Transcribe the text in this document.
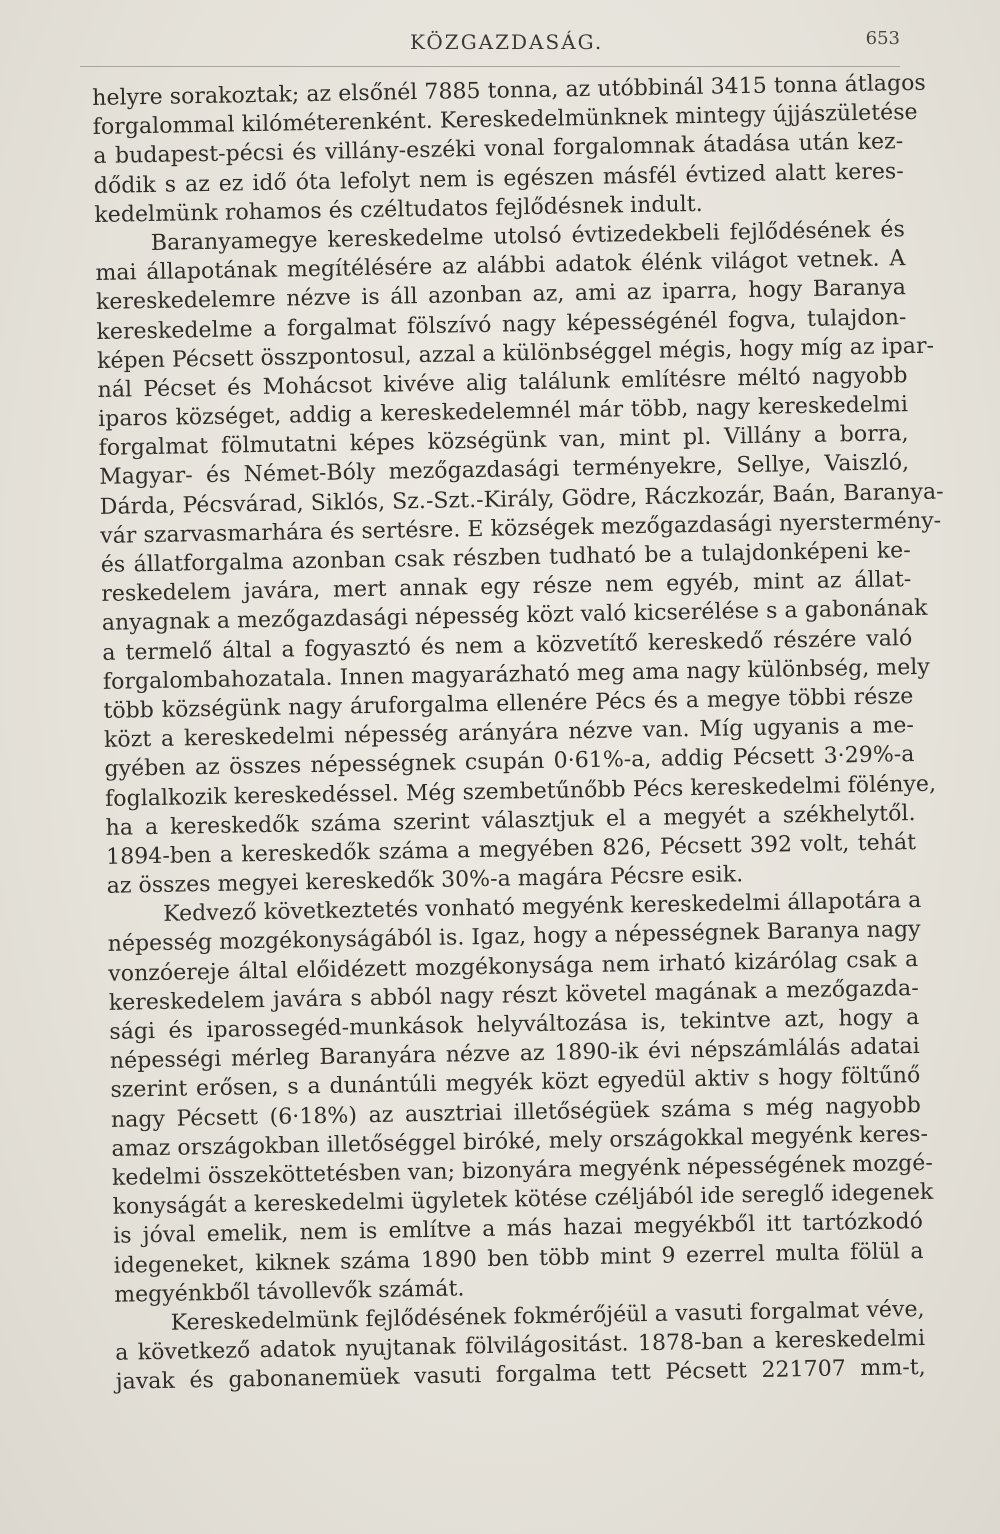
KÖZGAZDASÁG.	653
helyre sorakoztak; az elsőnél 7885 tonna, az utóbbinál 3415 tonna átlagos
forgalommal kilóméterenként. Kereskedelmünknek mintegy újjászületése
a budapest-pécsi és villány-eszéki vonal forgalomnak átadása után kez-
dődik s az ez idő óta lefolyt nem is egészen másfél évtized alatt keres-
kedelmünk rohamos és czéltudatos fejlődésnek indult.
Baranyamegye kereskedelme utolsó évtizedekbeli fejlődésének és
mai állapotának megítélésére az alábbi adatok élénk világot vetnek. A
kereskedelemre nézve is áll azonban az, ami az iparra, hogy Baranya
kereskedelme a forgalmat fölszívó nagy képességénél fogva, tulajdon-
képen Pécsett összpontosul, azzal a különbséggel mégis, hogy míg az ipar-
nál Pécset és Mohácsot kivéve alig találunk említésre méltó nagyobb
iparos községet, addig a kereskedelemnél már több, nagy kereskedelmi
forgalmat fölmutatni képes községünk van, mint pl. Villány a borra,
Magyar- és Német-Bóly mezőgazdasági terményekre, Sellye, Vaiszló,
Dárda, Pécsvárad, Siklós, Sz.-Szt.-Király, Gödre, Ráczkozár, Baán, Baranya-
vár szarvasmarhára és sertésre. E községek mezőgazdasági nyerstermény-
és állatforgalma azonban csak részben tudható be a tulajdonképeni ke-
reskedelem javára, mert annak egy része nem egyéb, mint az állat-
anyagnak a mezőgazdasági népesség közt való kicserélése s a gabonának
a termelő által a fogyasztó és nem a közvetítő kereskedő részére való
forgalombahozatala. Innen magyarázható meg ama nagy különbség, mely
több községünk nagy áruforgalma ellenére Pécs és a megye többi része
közt a kereskedelmi népesség arányára nézve van. Míg ugyanis a me-
gyében az összes népességnek csupán 0·61%-a, addig Pécsett 3·29%-a
foglalkozik kereskedéssel. Még szembetűnőbb Pécs kereskedelmi fölénye,
ha a kereskedők száma szerint választjuk el a megyét a székhelytől.
1894-ben a kereskedők száma a megyében 826, Pécsett 392 volt, tehát
az összes megyei kereskedők 30%-a magára Pécsre esik.
Kedvező következtetés vonható megyénk kereskedelmi állapotára a
népesség mozgékonyságából is. Igaz, hogy a népességnek Baranya nagy
vonzóereje által előidézett mozgékonysága nem irható kizárólag csak a
kereskedelem javára s abból nagy részt követel magának a mezőgazda-
sági és iparossegéd-munkások helyváltozása is, tekintve azt, hogy a
népességi mérleg Baranyára nézve az 1890-ik évi népszámlálás adatai
szerint erősen, s a dunántúli megyék közt egyedül aktiv s hogy föltűnő
nagy Pécsett (6·18%) az ausztriai illetőségüek száma s még nagyobb
amaz országokban illetőséggel biróké, mely országokkal megyénk keres-
kedelmi összeköttetésben van; bizonyára megyénk népességének mozgé-
konyságát a kereskedelmi ügyletek kötése czéljából ide sereglő idegenek
is jóval emelik, nem is említve a más hazai megyékből itt tartózkodó
idegeneket, kiknek száma 1890 ben több mint 9 ezerrel multa fölül a
megyénkből távollevők számát.
Kereskedelmünk fejlődésének fokmérőjéül a vasuti forgalmat véve,
a következő adatok nyujtanak fölvilágositást. 1878-ban a kereskedelmi
javak és gabonanemüek vasuti forgalma tett Pécsett 221707 mm-t,
